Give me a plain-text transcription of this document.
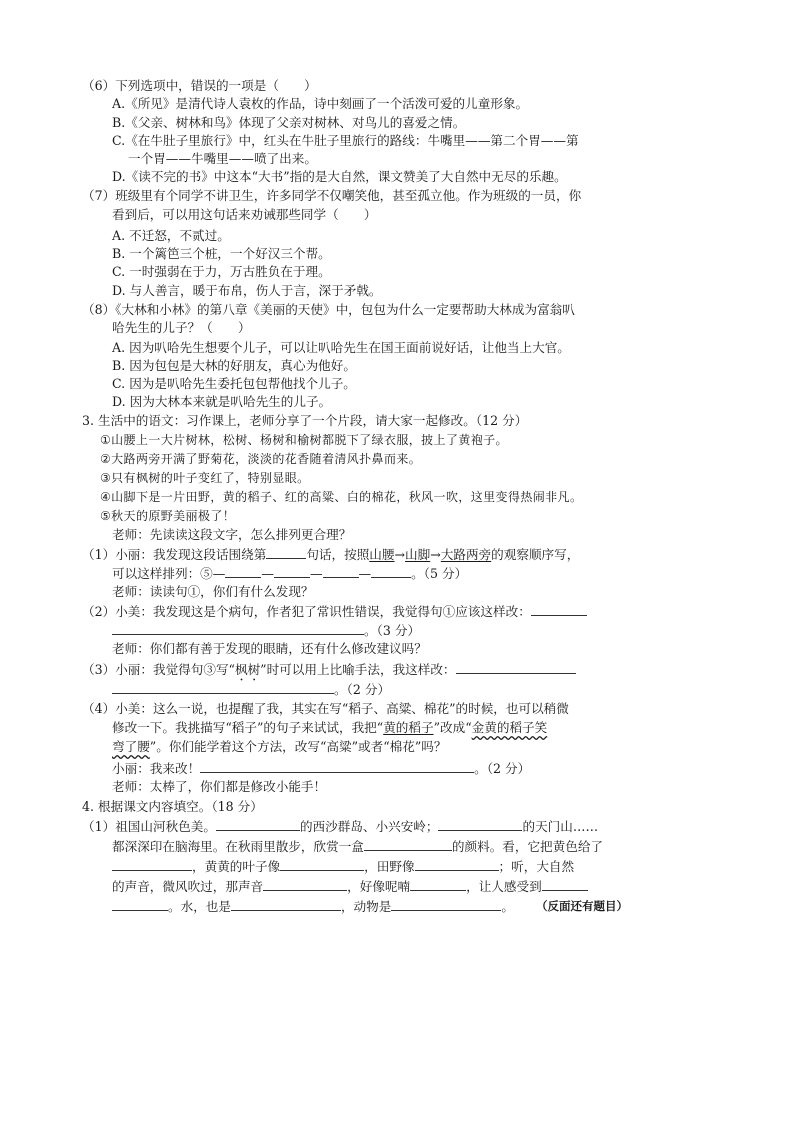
（6）下列选项中，错误的一项是（　　）
A.《所见》是清代诗人袁枚的作品，诗中刻画了一个活泼可爱的儿童形象。
B.《父亲、树林和鸟》体现了父亲对树林、对鸟儿的喜爱之情。
C.《在牛肚子里旅行》中，红头在牛肚子里旅行的路线：牛嘴里——第二个胃——第
一个胃——牛嘴里——喷了出来。
D.《读不完的书》中这本“大书”指的是大自然，课文赞美了大自然中无尽的乐趣。
（7）班级里有个同学不讲卫生，许多同学不仅嘲笑他，甚至孤立他。作为班级的一员，你
看到后，可以用这句话来劝诫那些同学（　　）
A. 不迁怒，不贰过。
B. 一个篱笆三个桩，一个好汉三个帮。
C. 一时强弱在于力，万古胜负在于理。
D. 与人善言，暖于布帛，伤人于言，深于矛戟。
（8）《大林和小林》的第八章《美丽的天使》中，包包为什么一定要帮助大林成为富翁叭
哈先生的儿子？（　　）
A. 因为叭哈先生想要个儿子，可以让叭哈先生在国王面前说好话，让他当上大官。
B. 因为包包是大林的好朋友，真心为他好。
C. 因为是叭哈先生委托包包帮他找个儿子。
D. 因为大林本来就是叭哈先生的儿子。
3. 生活中的语文：习作课上，老师分享了一个片段，请大家一起修改。（12 分）
①山腰上一大片树林，松树、杨树和榆树都脱下了绿衣服，披上了黄袍子。
②大路两旁开满了野菊花，淡淡的花香随着清风扑鼻而来。
③只有枫树的叶子变红了，特别显眼。
④山脚下是一片田野，黄的稻子、红的高粱、白的棉花，秋风一吹，这里变得热闹非凡。
⑤秋天的原野美丽极了！
老师：先读读这段文字，怎么排列更合理？
（1）小丽：我发现这段话围绕第	句话，按照山腰→山脚→大路两旁的观察顺序写，
可以这样排列：⑤—	—	—	—	。（5 分）
老师：读读句①，你们有什么发现？
（2）小美：我发现这是个病句，作者犯了常识性错误，我觉得句①应该这样改：
。（3 分）
老师：你们都有善于发现的眼睛，还有什么修改建议吗？
（3）小丽：我觉得句③写“枫树”时可以用上比喻手法，我这样改：
。（2 分）
（4）小美：这么一说，也提醒了我，其实在写“稻子、高粱、棉花”的时候，也可以稍微
修改一下。我挑描写“稻子”的句子来试试，我把“黄的稻子”改成“金黄的稻子笑
弯了腰”。你们能学着这个方法，改写“高粱”或者“棉花”吗？
小丽：我来改！	。（2 分）
老师：太棒了，你们都是修改小能手！
4. 根据课文内容填空。（18 分）
（1）祖国山河秋色美。	的西沙群岛、小兴安岭；	的天门山……
都深深印在脑海里。在秋雨里散步，欣赏一盒	的颜料。看，它把黄色给了
，黄黄的叶子像	，田野像	；听，大自然
的声音，微风吹过，那声音	，好像呢喃	，让人感受到
。水，也是	，动物是	。 （反面还有题目）
